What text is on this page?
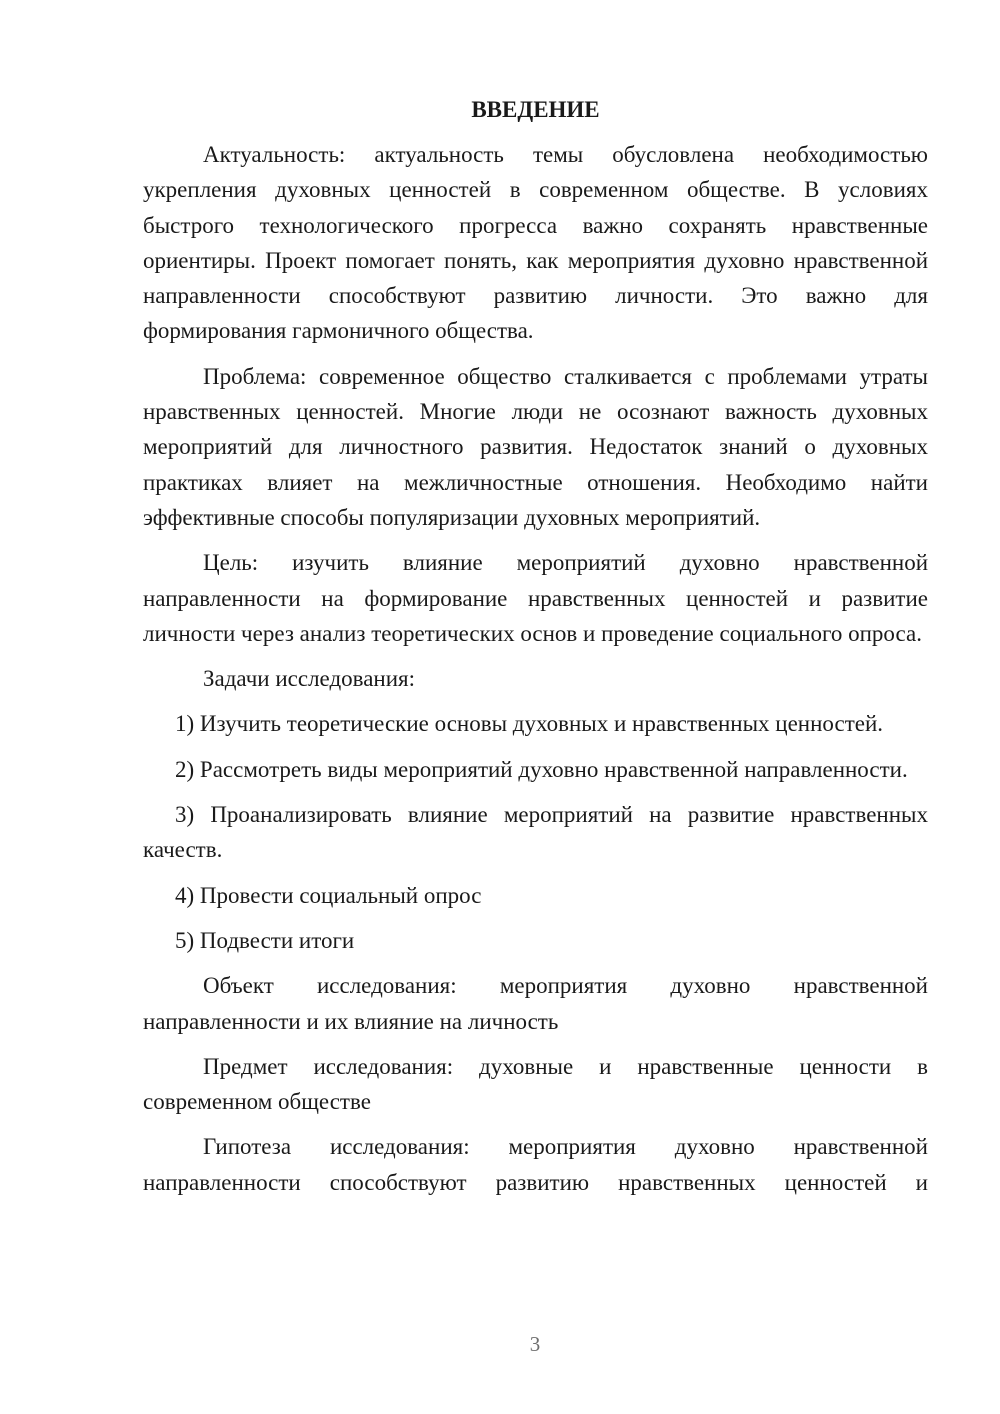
ВВЕДЕНИЕ

Актуальность: актуальность темы обусловлена необходимостью укрепления духовных ценностей в современном обществе. В условиях быстрого технологического прогресса важно сохранять нравственные ориентиры. Проект помогает понять, как мероприятия духовно нравственной направленности способствуют развитию личности. Это важно для формирования гармоничного общества.

Проблема: современное общество сталкивается с проблемами утраты нравственных ценностей. Многие люди не осознают важность духовных мероприятий для личностного развития. Недостаток знаний о духовных практиках влияет на межличностные отношения. Необходимо найти эффективные способы популяризации духовных мероприятий.

Цель: изучить влияние мероприятий духовно нравственной направленности на формирование нравственных ценностей и развитие личности через анализ теоретических основ и проведение социального опроса.

Задачи исследования:

1) Изучить теоретические основы духовных и нравственных ценностей.

2) Рассмотреть виды мероприятий духовно нравственной направленности.

3) Проанализировать влияние мероприятий на развитие нравственных качеств.

4) Провести социальный опрос

5) Подвести итоги

Объект исследования: мероприятия духовно нравственной направленности и их влияние на личность

Предмет исследования: духовные и нравственные ценности в современном обществе

Гипотеза исследования: мероприятия духовно нравственной направленности способствуют развитию нравственных ценностей и

3
